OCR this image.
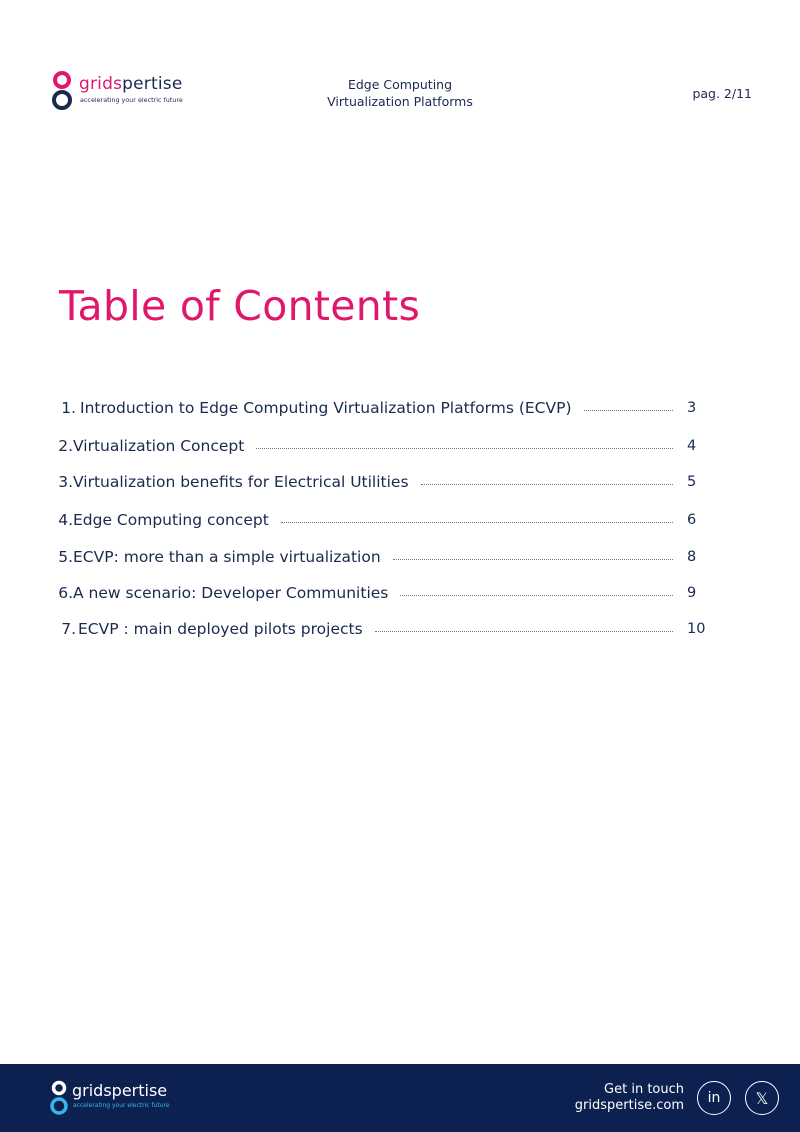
gridspertise
accelerating your electric future
Edge Computing
Virtualization Platforms
pag. 2/11
Table of Contents
1. Introduction to Edge Computing Virtualization Platforms (ECVP)	3
2. Virtualization Concept	4
3. Virtualization benefits for Electrical Utilities	5
4. Edge Computing concept	6
5. ECVP: more than a simple virtualization	8
6. A new scenario: Developer Communities	9
7. ECVP : main deployed pilots projects	10
gridspertise
accelerating your electric future
Get in touch
gridspertise.com	in	𝕏
